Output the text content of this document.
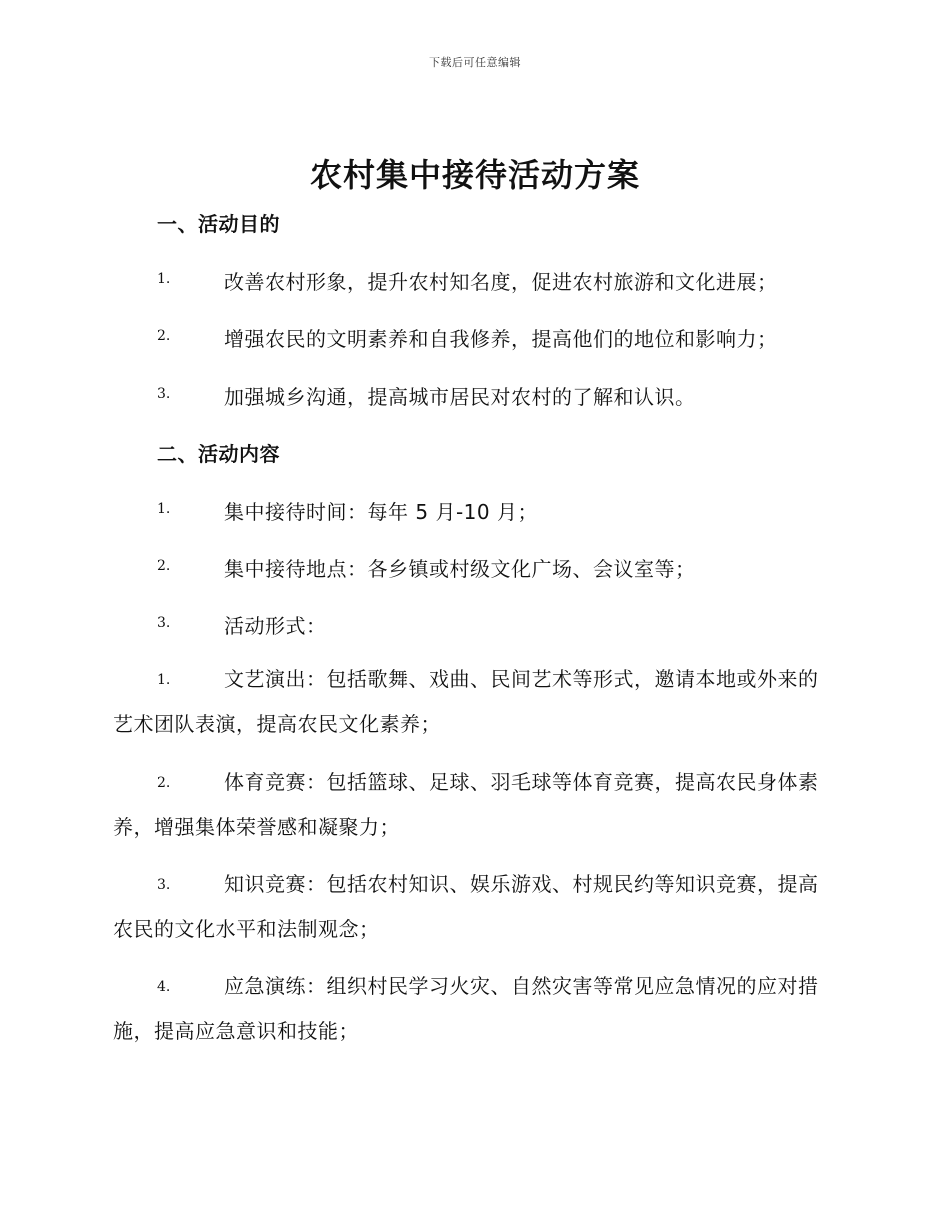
下载后可任意编辑
农村集中接待活动方案
一、活动目的
1.	改善农村形象，提升农村知名度，促进农村旅游和文化进展；
2.	增强农民的文明素养和自我修养，提高他们的地位和影响力；
3.	加强城乡沟通，提高城市居民对农村的了解和认识。
二、活动内容
1.	集中接待时间：每年 5 月-10 月；
2.	集中接待地点：各乡镇或村级文化广场、会议室等；
3.	活动形式：
1.	文艺演出：包括歌舞、戏曲、民间艺术等形式，邀请本地或外来的艺术团队表演，提高农民文化素养；
2.	体育竞赛：包括篮球、足球、羽毛球等体育竞赛，提高农民身体素养，增强集体荣誉感和凝聚力；
3.	知识竞赛：包括农村知识、娱乐游戏、村规民约等知识竞赛，提高农民的文化水平和法制观念；
4.	应急演练：组织村民学习火灾、自然灾害等常见应急情况的应对措施，提高应急意识和技能；
